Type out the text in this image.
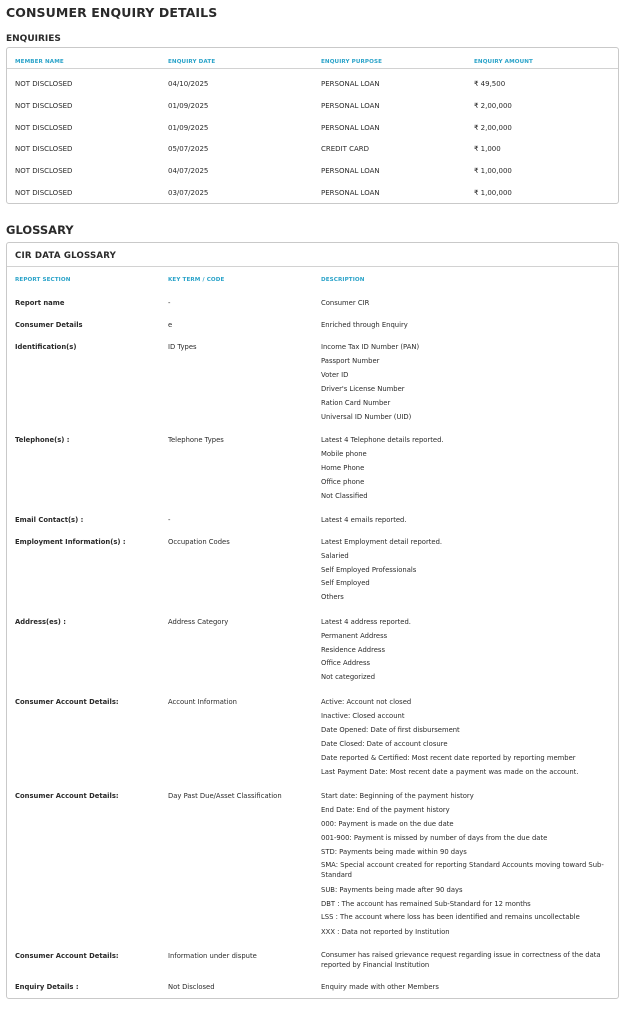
CONSUMER ENQUIRY DETAILS
ENQUIRIES
MEMBER NAME	ENQUIRY DATE	ENQUIRY PURPOSE	ENQUIRY AMOUNT
NOT DISCLOSED	04/10/2025	PERSONAL LOAN	₹ 49,500
NOT DISCLOSED	01/09/2025	PERSONAL LOAN	₹ 2,00,000
NOT DISCLOSED	01/09/2025	PERSONAL LOAN	₹ 2,00,000
NOT DISCLOSED	05/07/2025	CREDIT CARD	₹ 1,000
NOT DISCLOSED	04/07/2025	PERSONAL LOAN	₹ 1,00,000
NOT DISCLOSED	03/07/2025	PERSONAL LOAN	₹ 1,00,000
GLOSSARY
CIR DATA GLOSSARY
REPORT SECTION	KEY TERM / CODE	DESCRIPTION
Report name	-	Consumer CIR
Consumer Details	e	Enriched through Enquiry
Identification(s)	ID Types	Income Tax ID Number (PAN)
Passport Number
Voter ID
Driver's License Number
Ration Card Number
Universal ID Number (UID)
Telephone(s) :	Telephone Types	Latest 4 Telephone details reported.
Mobile phone
Home Phone
Office phone
Not Classified
Email Contact(s) :	-	Latest 4 emails reported.
Employment Information(s) :	Occupation Codes	Latest Employment detail reported.
Salaried
Self Employed Professionals
Self Employed
Others
Address(es) :	Address Category	Latest 4 address reported.
Permanent Address
Residence Address
Office Address
Not categorized
Consumer Account Details:	Account Information	Active: Account not closed
Inactive: Closed account
Date Opened: Date of first disbursement
Date Closed: Date of account closure
Date reported & Certified: Most recent date reported by reporting member
Last Payment Date: Most recent date a payment was made on the account.
Consumer Account Details:	Day Past Due/Asset Classification	Start date: Beginning of the payment history
End Date: End of the payment history
000: Payment is made on the due date
001-900: Payment is missed by number of days from the due date
STD: Payments being made within 90 days
SMA: Special account created for reporting Standard Accounts moving toward Sub-Standard
SUB: Payments being made after 90 days
DBT : The account has remained Sub-Standard for 12 months
LSS : The account where loss has been identified and remains uncollectable
XXX : Data not reported by Institution
Consumer Account Details:	Information under dispute	Consumer has raised grievance request regarding issue in correctness of the data reported by Financial Institution
Enquiry Details :	Not Disclosed	Enquiry made with other Members
